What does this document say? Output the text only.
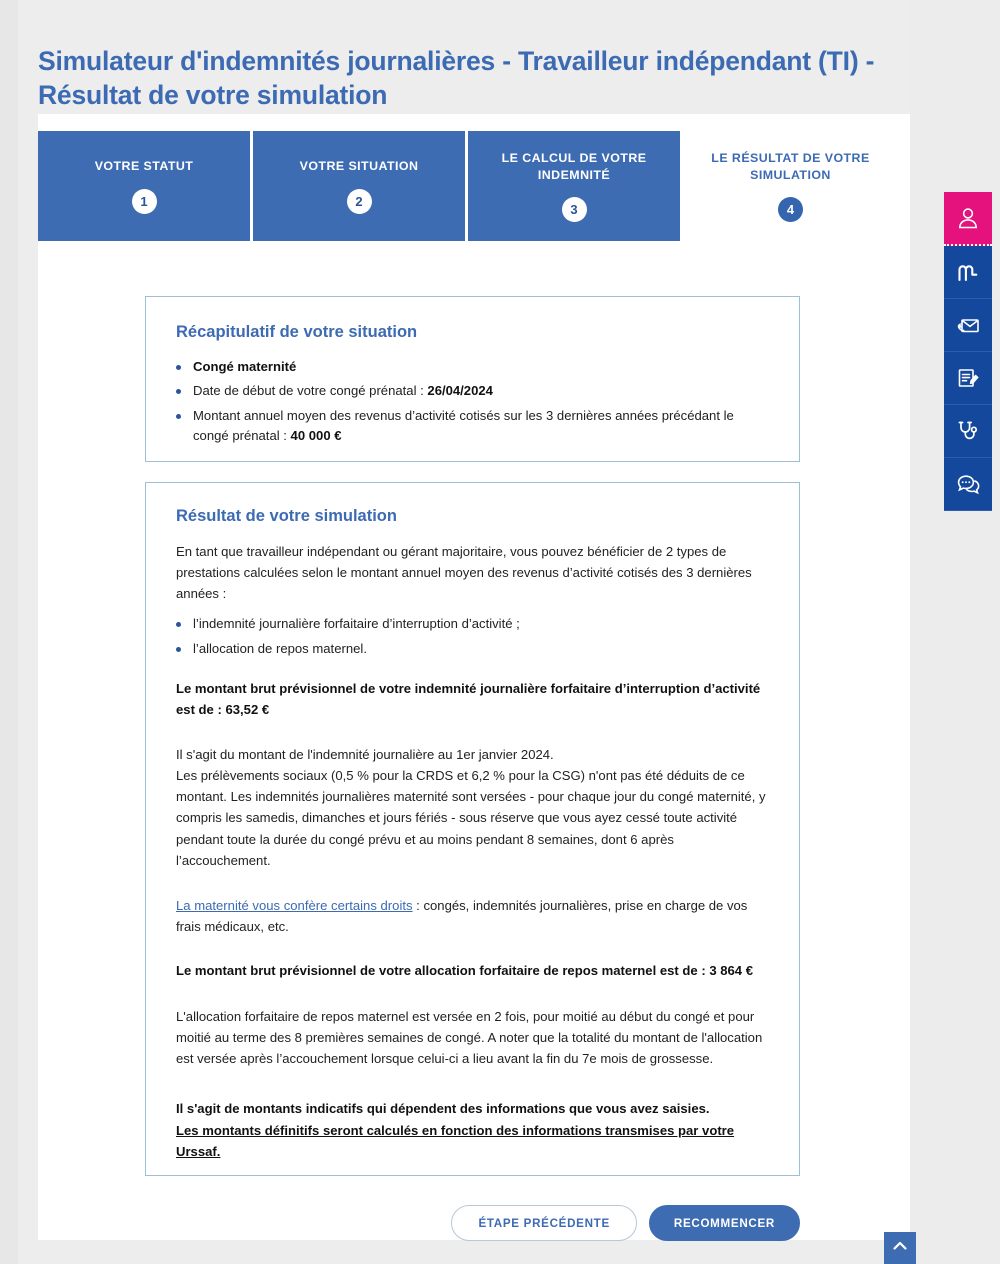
Simulateur d'indemnités journalières - Travailleur indépendant (TI) - Résultat de votre simulation
VOTRE STATUT
1
VOTRE SITUATION
2
LE CALCUL DE VOTRE INDEMNITÉ
3
LE RÉSULTAT DE VOTRE SIMULATION
4
Récapitulatif de votre situation
Congé maternité
Date de début de votre congé prénatal : 26/04/2024
Montant annuel moyen des revenus d’activité cotisés sur les 3 dernières années précédant le congé prénatal : 40 000 €
Résultat de votre simulation

En tant que travailleur indépendant ou gérant majoritaire, vous pouvez bénéficier de 2 types de prestations calculées selon le montant annuel moyen des revenus d’activité cotisés des 3 dernières années :

l’indemnité journalière forfaitaire d’interruption d’activité ;
l’allocation de repos maternel.

Le montant brut prévisionnel de votre indemnité journalière forfaitaire d’interruption d’activité est de : 63,52 €

Il s'agit du montant de l'indemnité journalière au 1er janvier 2024.

Les prélèvements sociaux (0,5 % pour la CRDS et 6,2 % pour la CSG) n'ont pas été déduits de ce montant. Les indemnités journalières maternité sont versées - pour chaque jour du congé maternité, y compris les samedis, dimanches et jours fériés - sous réserve que vous ayez cessé toute activité pendant toute la durée du congé prévu et au moins pendant 8 semaines, dont 6 après l’accouchement.

La maternité vous confère certains droits : congés, indemnités journalières, prise en charge de vos frais médicaux, etc.

Le montant brut prévisionnel de votre allocation forfaitaire de repos maternel est de : 3 864 €

L'allocation forfaitaire de repos maternel est versée en 2 fois, pour moitié au début du congé et pour moitié au terme des 8 premières semaines de congé. A noter que la totalité du montant de l'allocation est versée après l’accouchement lorsque celui-ci a lieu avant la fin du 7e mois de grossesse.

Il s'agit de montants indicatifs qui dépendent des informations que vous avez saisies.

Les montants définitifs seront calculés en fonction des informations transmises par votre Urssaf.

ÉTAPE PRÉCÉDENTE	RECOMMENCER
